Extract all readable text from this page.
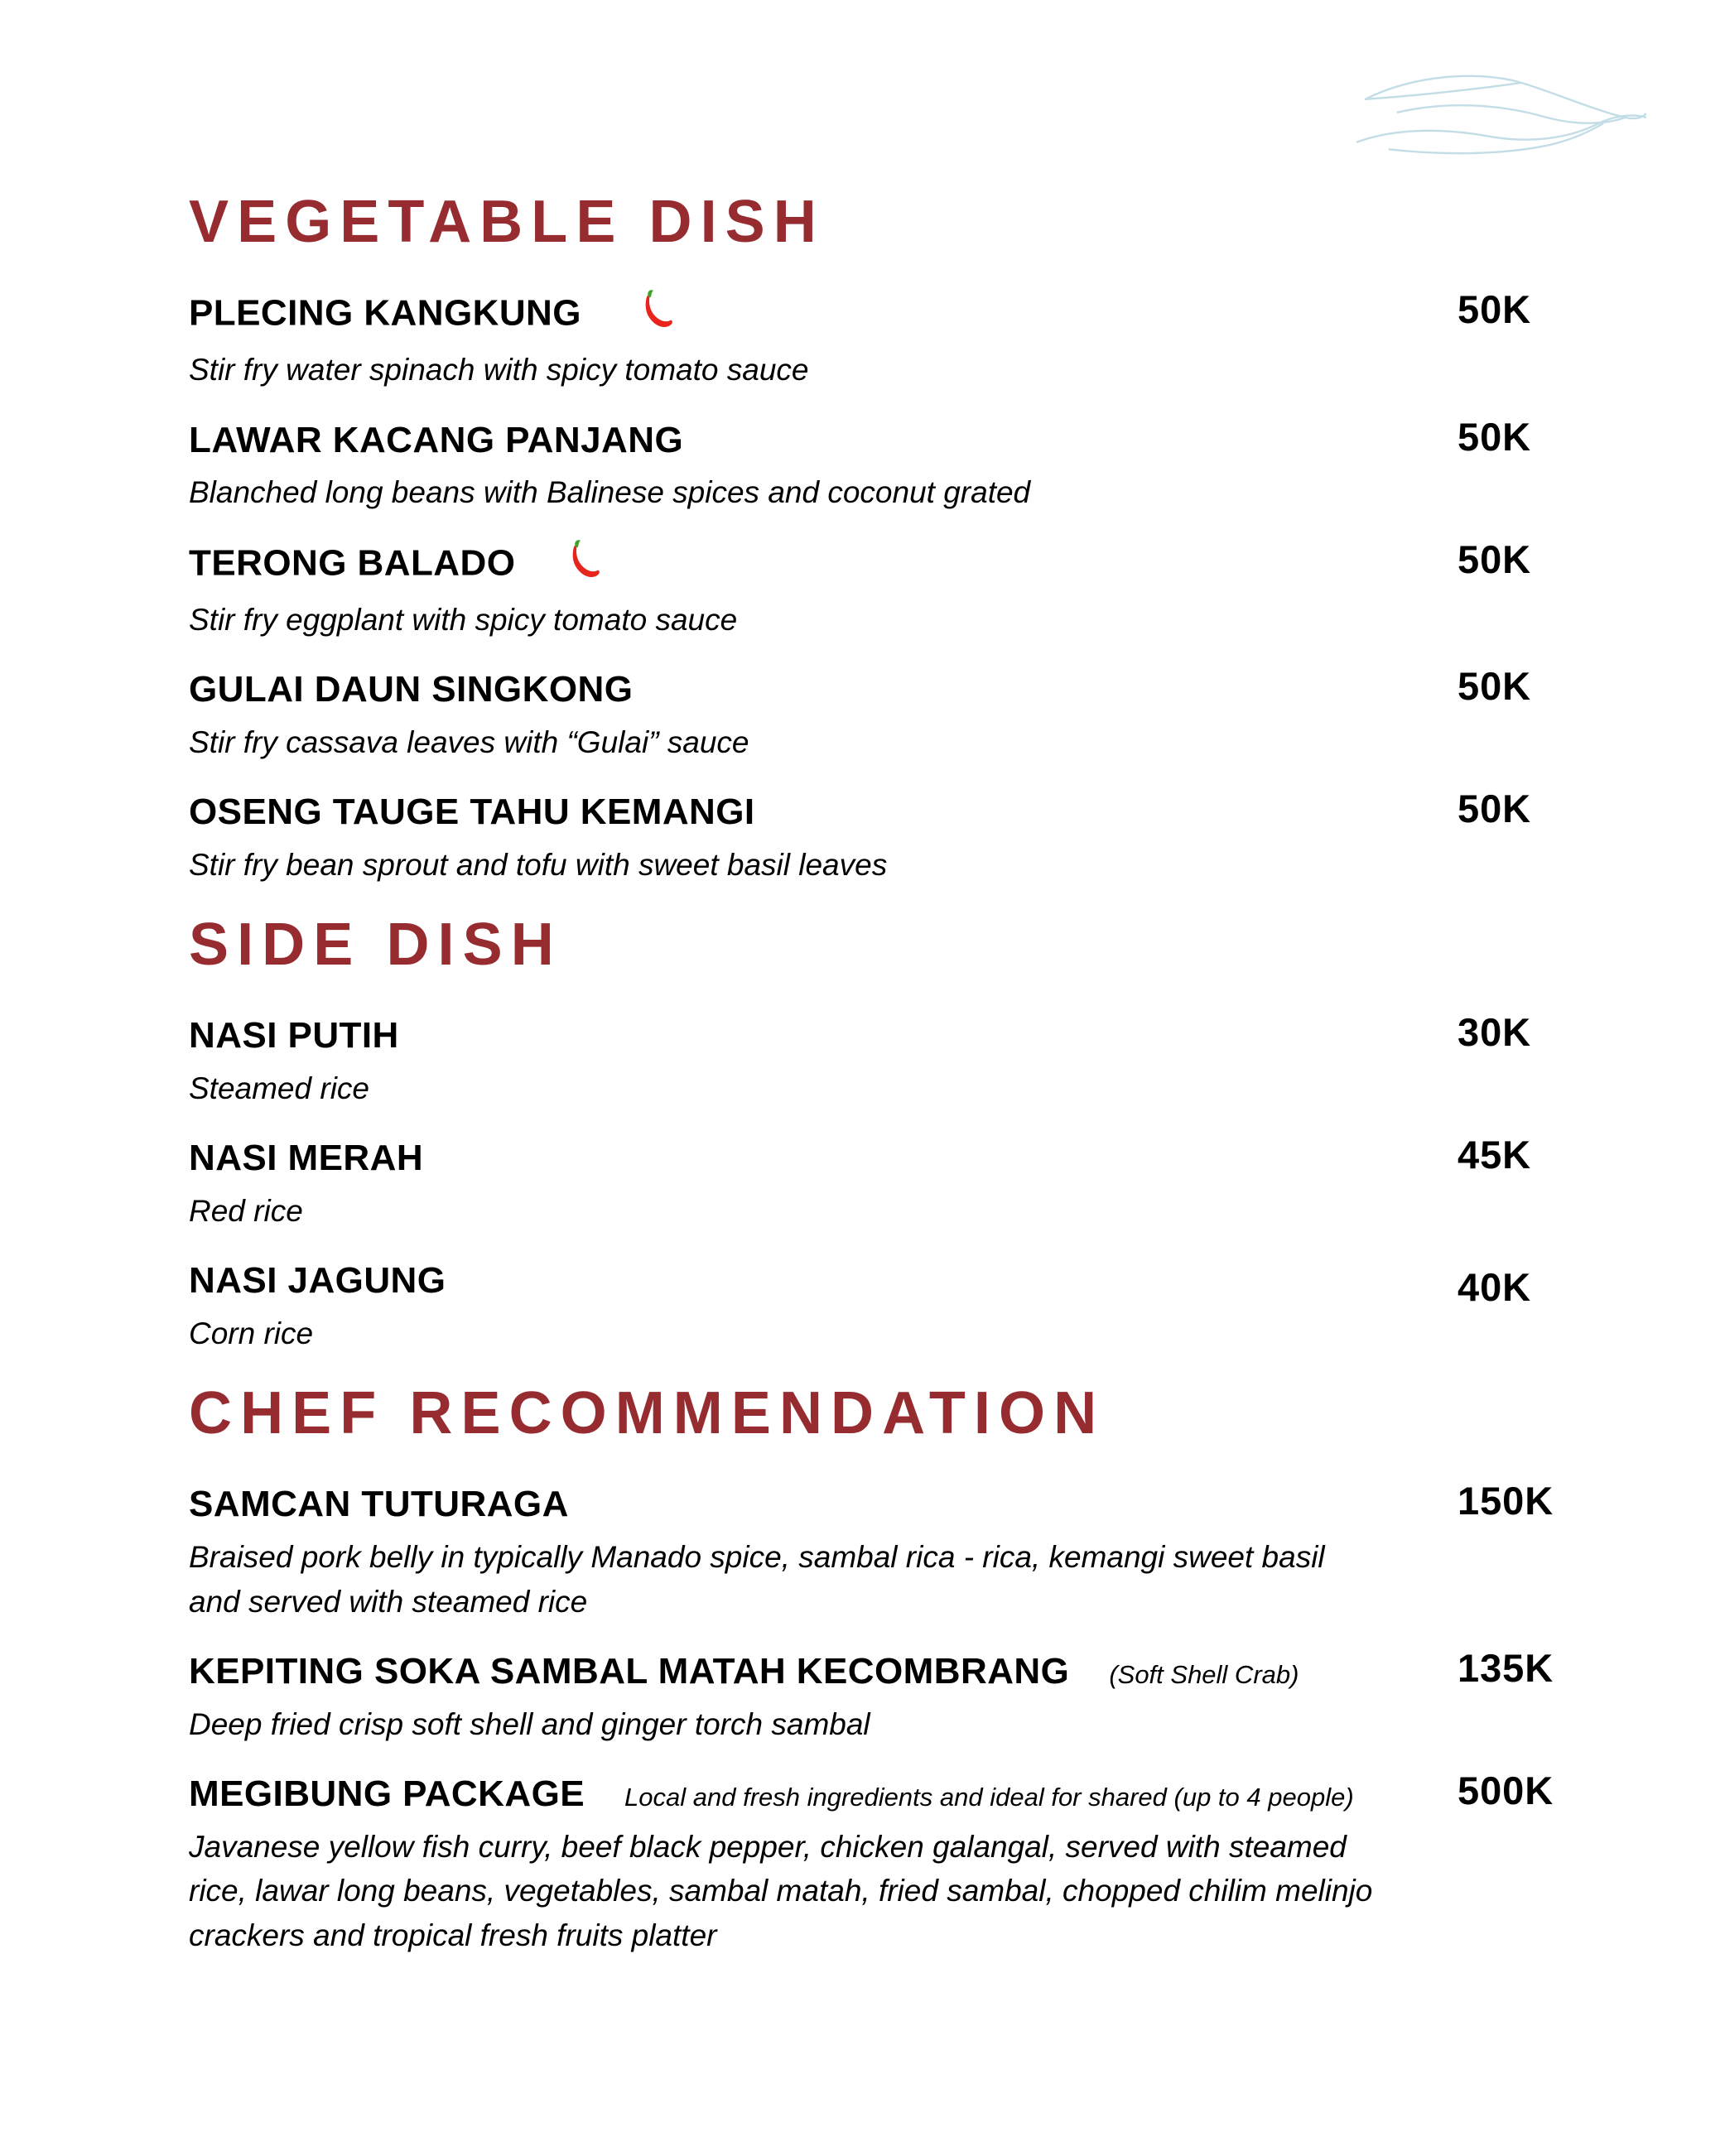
VEGETABLE DISH
PLECING KANGKUNG	50K
Stir fry water spinach with spicy tomato sauce
LAWAR KACANG PANJANG	50K
Blanched long beans with Balinese spices and coconut grated
TERONG BALADO	50K
Stir fry eggplant with spicy tomato sauce
GULAI DAUN SINGKONG	50K
Stir fry cassava leaves with “Gulai” sauce
OSENG TAUGE TAHU KEMANGI	50K
Stir fry bean sprout and tofu with sweet basil leaves
SIDE DISH
NASI PUTIH	30K
Steamed rice
NASI MERAH	45K
Red rice
NASI JAGUNG	40K
Corn rice
CHEF RECOMMENDATION
SAMCAN TUTURAGA	150K
Braised pork belly in typically Manado spice, sambal rica - rica, kemangi sweet basil and served with steamed rice
KEPITING SOKA SAMBAL MATAH KECOMBRANG (Soft Shell Crab)	135K
Deep fried crisp soft shell and ginger torch sambal
MEGIBUNG PACKAGE Local and fresh ingredients and ideal for shared (up to 4 people)	500K
Javanese yellow fish curry, beef black pepper, chicken galangal, served with steamed rice, lawar long beans, vegetables, sambal matah, fried sambal, chopped chilim melinjo crackers and tropical fresh fruits platter
